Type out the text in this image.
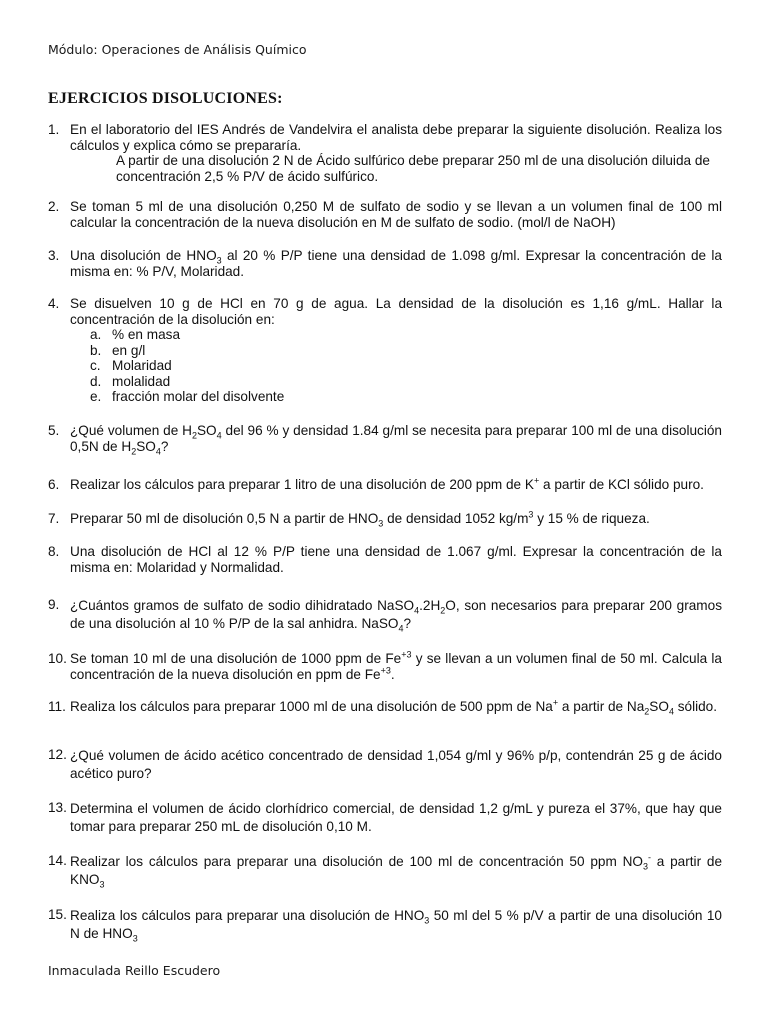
Módulo: Operaciones de Análisis Químico
EJERCICIOS DISOLUCIONES:
1. En el laboratorio del IES Andrés de Vandelvira el analista debe preparar la siguiente disolución. Realiza los cálculos y explica cómo se prepararía.
A partir de una disolución 2 N de Ácido sulfúrico debe preparar 250 ml de una disolución diluida de concentración 2,5 % P/V de ácido sulfúrico.
2. Se toman 5 ml de una disolución 0,250 M de sulfato de sodio y se llevan a un volumen final de 100 ml calcular la concentración de la nueva disolución en M de sulfato de sodio. (mol/l de NaOH)
3. Una disolución de $HNO_3$ al 20 % P/P tiene una densidad de 1.098 g/ml. Expresar la concentración de la misma en: % P/V, Molaridad.
4. Se disuelven 10 g de HCl en 70 g de agua. La densidad de la disolución es 1,16 g/mL. Hallar la concentración de la disolución en:
a. % en masa
b. en g/l
c. Molaridad
d. molalidad
e. fracción molar del disolvente
5. ¿Qué volumen de $H_2SO_4$ del 96 % y densidad 1.84 g/ml se necesita para preparar 100 ml de una disolución 0,5N de $H_2SO_4$?
6. Realizar los cálculos para preparar 1 litro de una disolución de 200 ppm de K+ a partir de KCl sólido puro.
7. Preparar 50 ml de disolución 0,5 N a partir de $HNO_3$ de densidad 1052 $kg/m^3$ y 15 % de riqueza.
8. Una disolución de HCl al 12 % P/P tiene una densidad de 1.067 g/ml. Expresar la concentración de la misma en: Molaridad y Normalidad.
9. ¿Cuántos gramos de sulfato de sodio dihidratado $NaSO_4.2H_2O$, son necesarios para preparar 200 gramos de una disolución al 10 % P/P de la sal anhidra. NaSO$_4$?
10. Se toman 10 ml de una disolución de 1000 ppm de $Fe^{+3}$ y se llevan a un volumen final de 50 ml. Calcula la concentración de la nueva disolución en ppm de $Fe^{+3}$.
11. Realiza los cálculos para preparar 1000 ml de una disolución de 500 ppm de Na+ a partir de $Na_2SO_4$ sólido.
12. ¿Qué volumen de ácido acético concentrado de densidad 1,054 g/ml y 96% p/p, contendrán 25 g de ácido acético puro?
13. Determina el volumen de ácido clorhídrico comercial, de densidad 1,2 g/mL y pureza el 37%, que hay que tomar para preparar 250 mL de disolución 0,10 M.
14. Realizar los cálculos para preparar una disolución de 100 ml de concentración 50 ppm $NO_3^-$ a partir de $KNO_3$
15. Realiza los cálculos para preparar una disolución de $HNO_3$ 50 ml del 5 % p/V a partir de una disolución 10 N de $HNO_3$
Inmaculada Reillo Escudero
